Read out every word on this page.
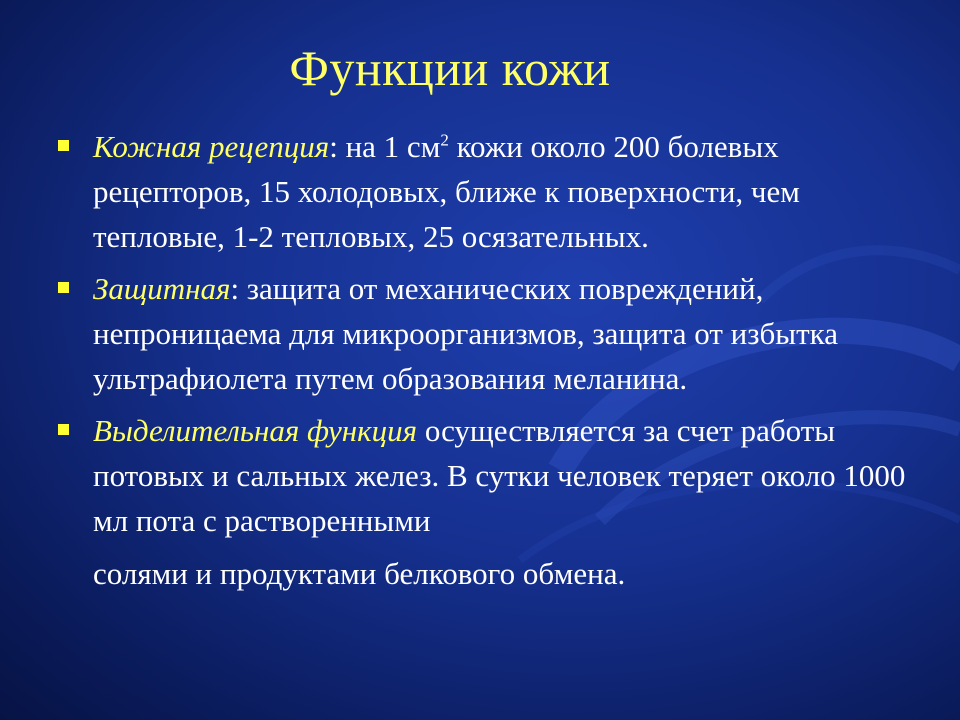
Функции кожи
Кожная рецепция: на 1 $см^2$ кожи около 200 болевых рецепторов, 15 холодовых, ближе к поверхности, чем тепловые, 1-2 тепловых, 25 осязательных.
Защитная: защита от механических повреждений, непроницаема для микроорганизмов, защита от избытка ультрафиолета путем образования меланина.
Выделительная функция осуществляется за счет работы потовых и сальных желез. В сутки человек теряет около 1000 мл пота с растворенными
солями и продуктами белкового обмена.
